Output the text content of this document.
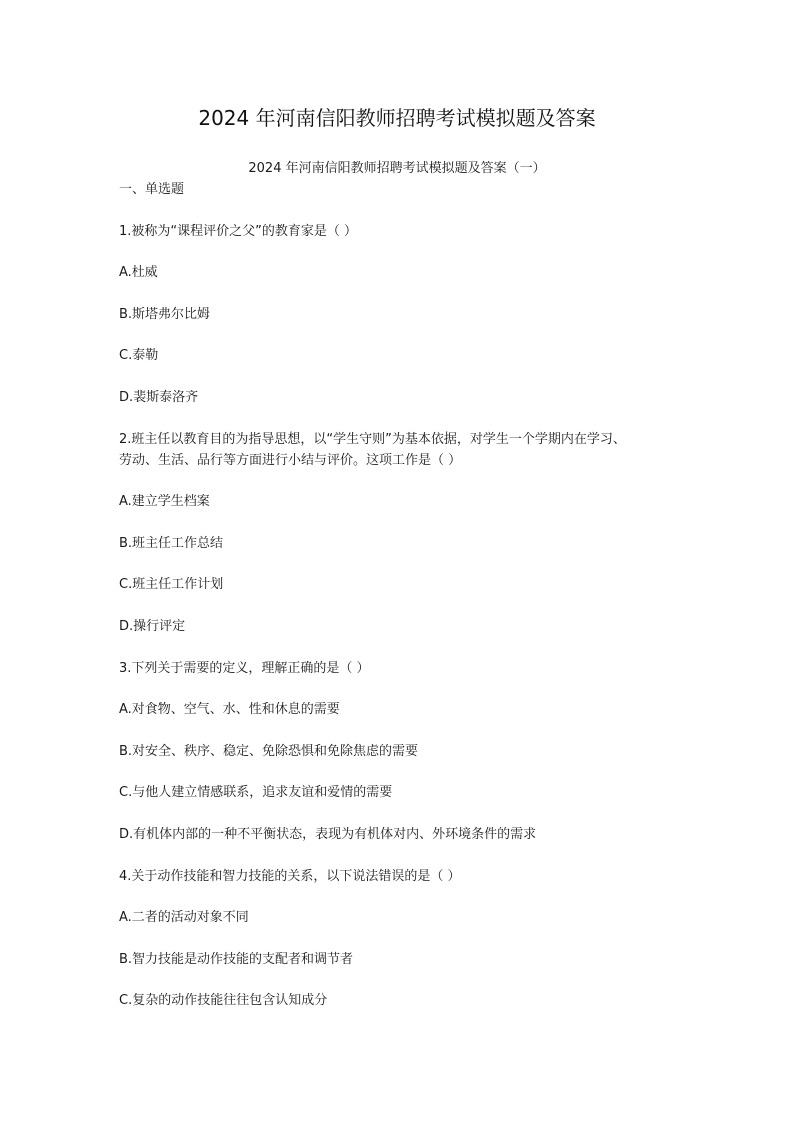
2024 年河南信阳教师招聘考试模拟题及答案
2024 年河南信阳教师招聘考试模拟题及答案（一）
一、单选题
1.被称为“课程评价之父”的教育家是（ ）
A.杜威
B.斯塔弗尔比姆
C.泰勒
D.裴斯泰洛齐
2.班主任以教育目的为指导思想，以“学生守则”为基本依据，对学生一个学期内在学习、
劳动、生活、品行等方面进行小结与评价。这项工作是（ ）
A.建立学生档案
B.班主任工作总结
C.班主任工作计划
D.操行评定
3.下列关于需要的定义，理解正确的是（ ）
A.对食物、空气、水、性和休息的需要
B.对安全、秩序、稳定、免除恐惧和免除焦虑的需要
C.与他人建立情感联系，追求友谊和爱情的需要
D.有机体内部的一种不平衡状态，表现为有机体对内、外环境条件的需求
4.关于动作技能和智力技能的关系，以下说法错误的是（ ）
A.二者的活动对象不同
B.智力技能是动作技能的支配者和调节者
C.复杂的动作技能往往包含认知成分
